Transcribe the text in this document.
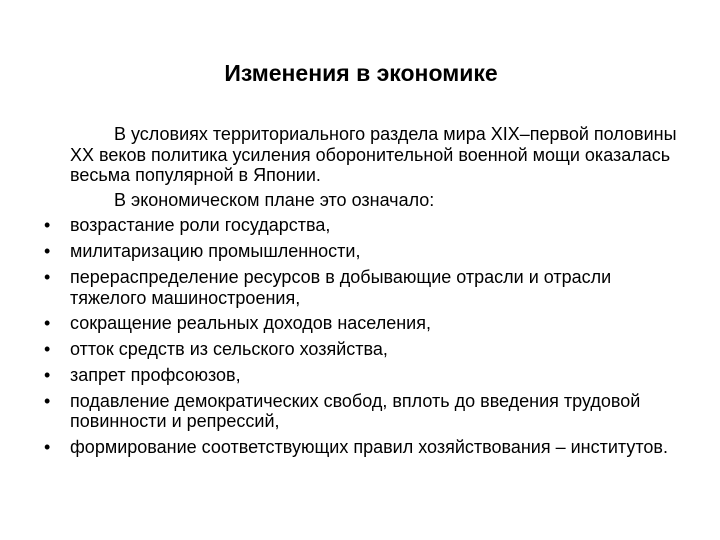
Изменения в экономике

В условиях территориального раздела мира XIX–первой половины XX веков политика усиления оборонительной военной мощи оказалась весьма популярной в Японии.

В экономическом плане это означало:

•	возрастание роли государства,
•	милитаризацию промышленности,
•	перераспределение ресурсов в добывающие отрасли и отрасли тяжелого машиностроения,
•	сокращение реальных доходов населения,
•	отток средств из сельского хозяйства,
•	запрет профсоюзов,
•	подавление демократических свобод, вплоть до введения трудовой повинности и репрессий,
•	формирование соответствующих правил хозяйствования – институтов.
